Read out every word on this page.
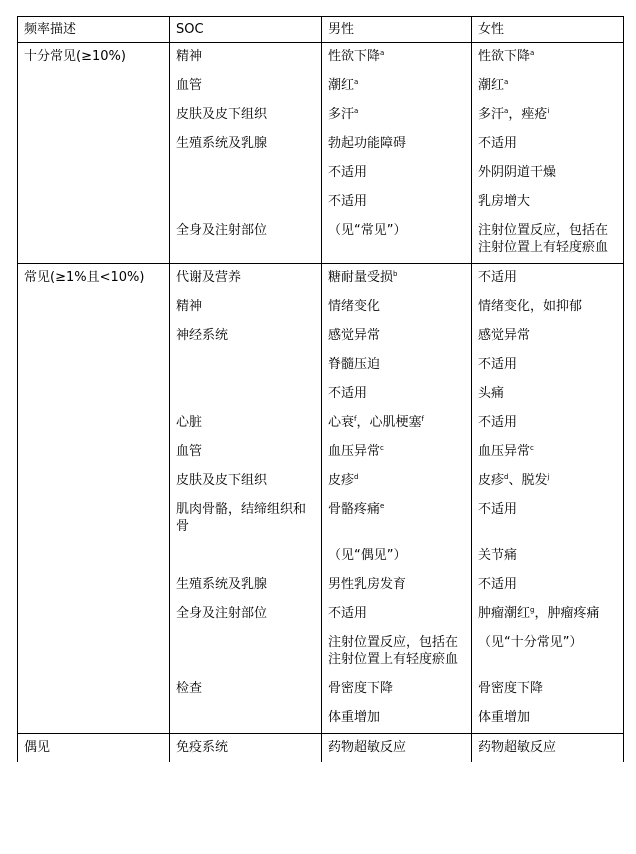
频率描述	SOC	男性	女性
十分常见(≥10%)	精神	性欲下降$^a$	性欲下降$^a$
	血管	潮红$^a$	潮红$^a$
	皮肤及皮下组织	多汗$^a$	多汗$^a$，痤疮$^i$
	生殖系统及乳腺	勃起功能障碍	不适用
		不适用	外阴阴道干燥
		不适用	乳房增大
	全身及注射部位	（见“常见”）	注射位置反应，包括在注射位置上有轻度瘀血
常见(≥1%且<10%)	代谢及营养	糖耐量受损$^b$	不适用
	精神	情绪变化	情绪变化，如抑郁
	神经系统	感觉异常	感觉异常
		脊髓压迫	不适用
		不适用	头痛
	心脏	心衰$^f$，心肌梗塞$^f$	不适用
	血管	血压异常$^c$	血压异常$^c$
	皮肤及皮下组织	皮疹$^d$	皮疹$^d$、脱发$^j$
	肌肉骨骼，结缔组织和骨	骨骼疼痛$^e$	不适用
		（见“偶见”）	关节痛
	生殖系统及乳腺	男性乳房发育	不适用
	全身及注射部位	不适用	肿瘤潮红$^g$，肿瘤疼痛
		注射位置反应，包括在注射位置上有轻度瘀血	（见“十分常见”）
	检查	骨密度下降	骨密度下降
		体重增加	体重增加
偶见	免疫系统	药物超敏反应	药物超敏反应
